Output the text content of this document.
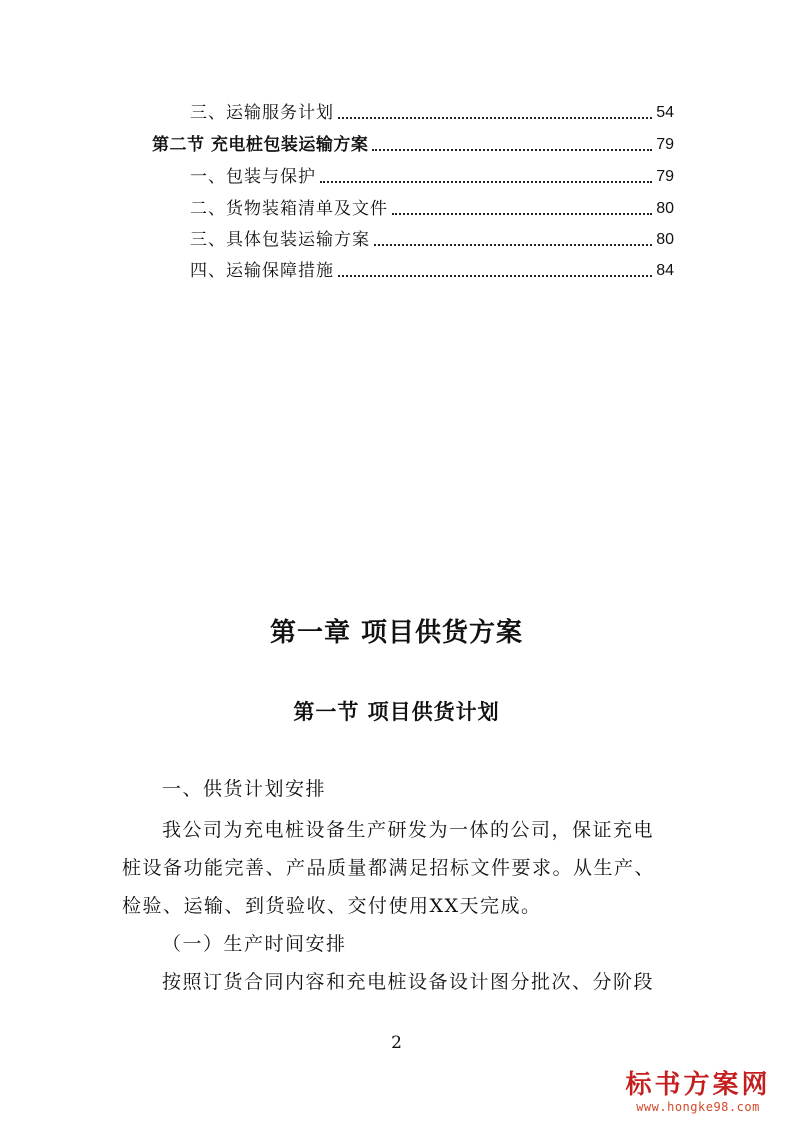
三、运输服务计划	54
第二节 充电桩包装运输方案	79
一、包装与保护	79
二、货物装箱清单及文件	80
三、具体包装运输方案	80
四、运输保障措施	84
第一章 项目供货方案
第一节 项目供货计划
一、供货计划安排
我公司为充电桩设备生产研发为一体的公司，保证充电
桩设备功能完善、产品质量都满足招标文件要求。从生产、
检验、运输、到货验收、交付使用XX天完成。
（一）生产时间安排
按照订货合同内容和充电桩设备设计图分批次、分阶段
2
标书方案网
www.hongke98.com
